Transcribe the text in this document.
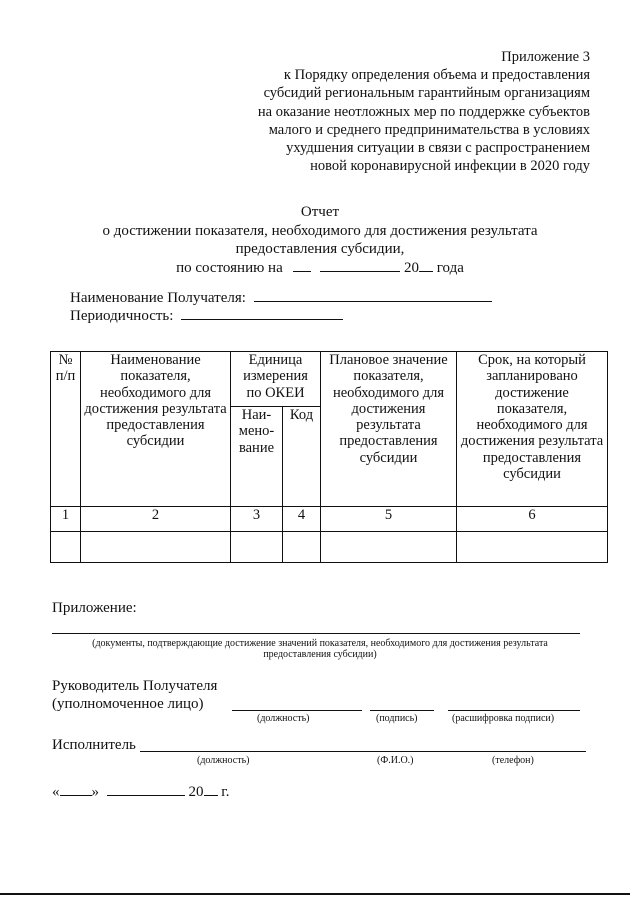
Приложение 3
к Порядку определения объема и предоставления
субсидий региональным гарантийным организациям
на оказание неотложных мер по поддержке субъектов
малого и среднего предпринимательства в условиях
ухудшения ситуации в связи с распространением
новой коронавирусной инфекции в 2020 году
Отчет
о достижении показателя, необходимого для достижения результата
предоставления субсидии,
по состоянию на	20 года
Наименование Получателя:
Периодичность:
№ п/п	Наименование показателя, необходимого для достижения результата предоставления субсидии	Единица измерения по ОКЕИ		Плановое значение показателя, необходимого для достижения результата предоставления субсидии	Срок, на который запланировано достижение показателя, необходимого для достижения результата предоставления субсидии
		Наи-мено-вание	Код		
1	2	3	4	5	6

Приложение:
(документы, подтверждающие достижение значений показателя, необходимого для достижения результата
предоставления субсидии)
Руководитель Получателя
(уполномоченное лицо)
(должность)	(подпись)	(расшифровка подписи)
Исполнитель
(должность)	(Ф.И.О.)	(телефон)
« »	20 г.
